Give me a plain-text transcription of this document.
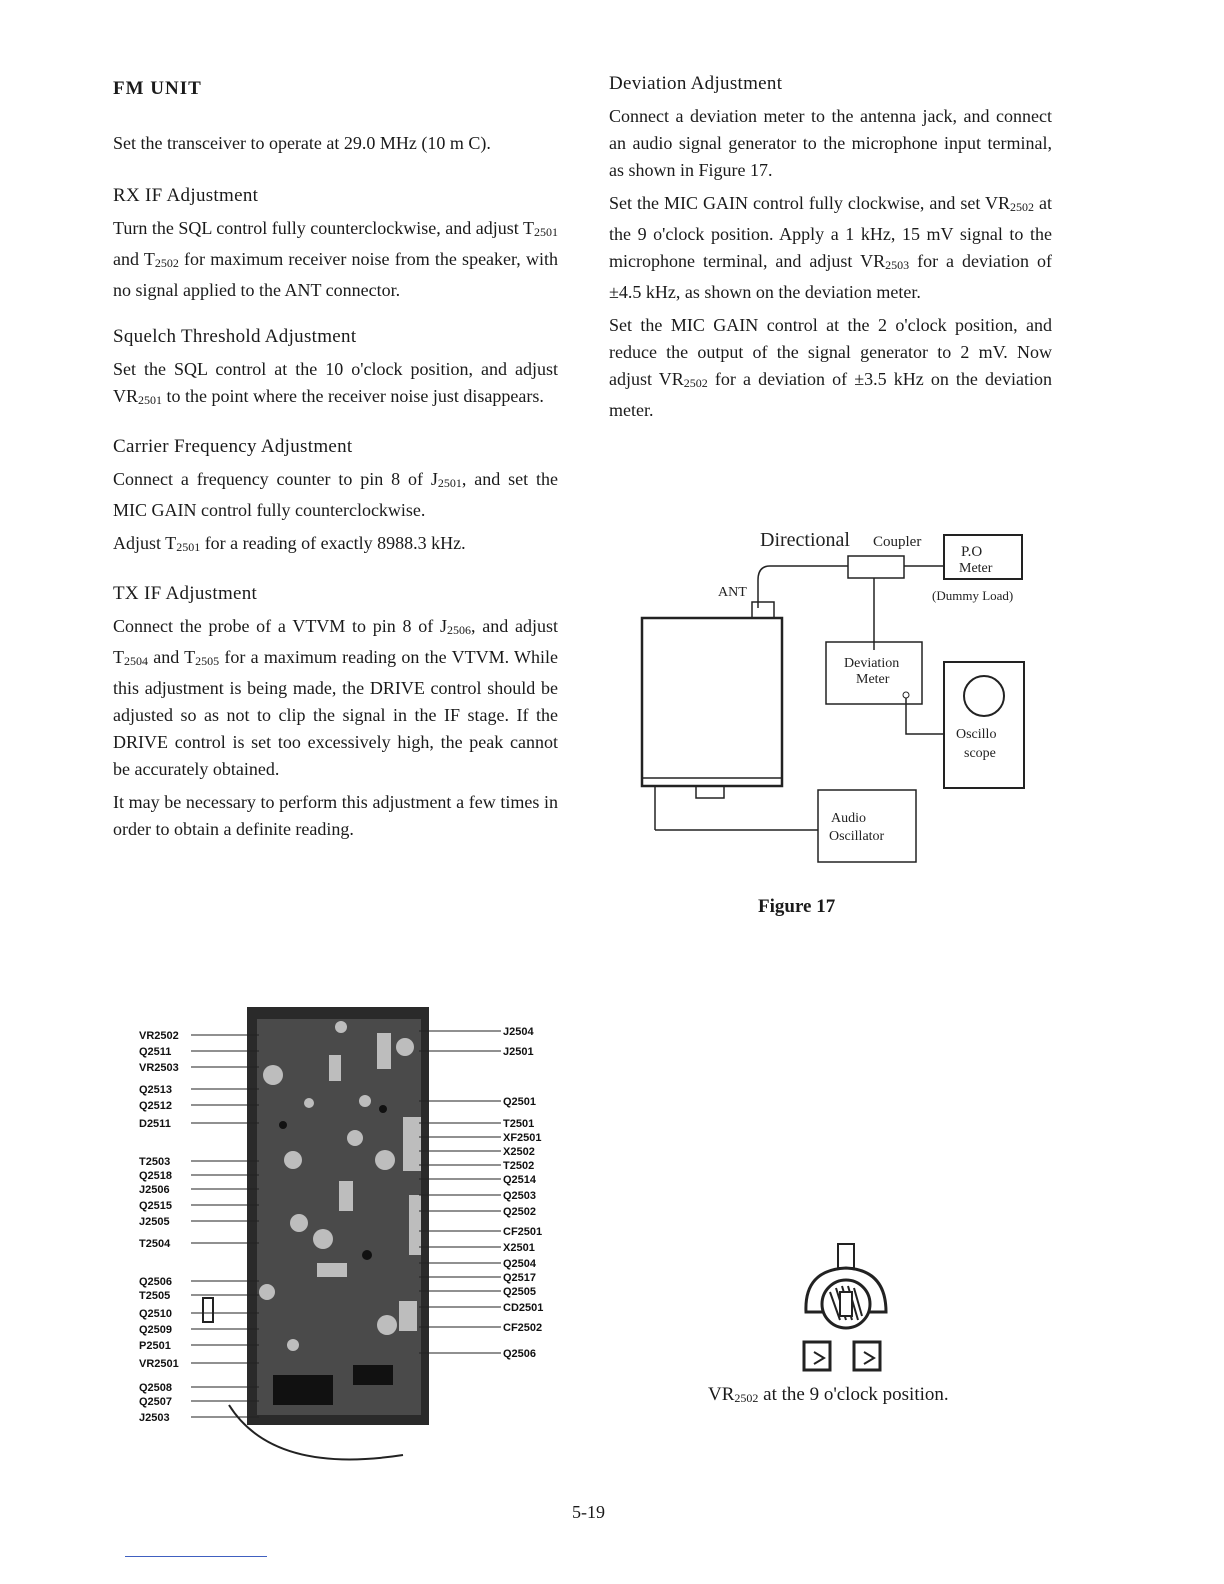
FM UNIT

Set the transceiver to operate at 29.0 MHz (10 m C).

RX IF Adjustment

Turn the SQL control fully counterclockwise, and adjust $T_{2501}$ and $T_{2502}$ for maximum receiver noise from the speaker, with no signal applied to the ANT connector.

Squelch Threshold Adjustment

Set the SQL control at the 10 o'clock position, and adjust $VR_{2501}$ to the point where the receiver noise just disappears.

Carrier Frequency Adjustment

Connect a frequency counter to pin 8 of $J_{2501}$, and set the MIC GAIN control fully counterclockwise.

Adjust $T_{2501}$ for a reading of exactly 8988.3 kHz.

TX IF Adjustment

Connect the probe of a VTVM to pin 8 of $J_{2506}$, and adjust $T_{2504}$ and $T_{2505}$ for a maximum reading on the VTVM. While this adjustment is being made, the DRIVE control should be adjusted so as not to clip the signal in the IF stage. If the DRIVE control is set too excessively high, the peak cannot be accurately obtained.

It may be necessary to perform this adjustment a few times in order to obtain a definite reading.

Deviation Adjustment

Connect a deviation meter to the antenna jack, and connect an audio signal generator to the microphone input terminal, as shown in Figure 17.

Set the MIC GAIN control fully clockwise, and set $VR_{2502}$ at the 9 o'clock position. Apply a 1 kHz, 15 mV signal to the microphone terminal, and adjust $VR_{2503}$ for a deviation of ±4.5 kHz, as shown on the deviation meter.

Set the MIC GAIN control at the 2 o'clock position, and reduce the output of the signal generator to 2 mV. Now adjust $VR_{2502}$ for a deviation of ±3.5 kHz on the deviation meter.

Directional Coupler
P.O
Meter
(Dummy Load)
ANT
Deviation
Meter
Oscillo
scope
Audio
Oscillator
Figure 17
VR2502
Q2511
VR2503
Q2513
Q2512
D2511
T2503
Q2518
J2506
Q2515
J2505
T2504
Q2506
T2505
Q2510
Q2509
P2501
VR2501
Q2508
Q2507
J2503
J2504
J2501
Q2501
T2501
XF2501
X2502
T2502
Q2514
Q2503
Q2502
CF2501
X2501
Q2504
Q2517
Q2505
CD2501
CF2502
Q2506
$VR_{2502}$ at the 9 o'clock position.
5-19
